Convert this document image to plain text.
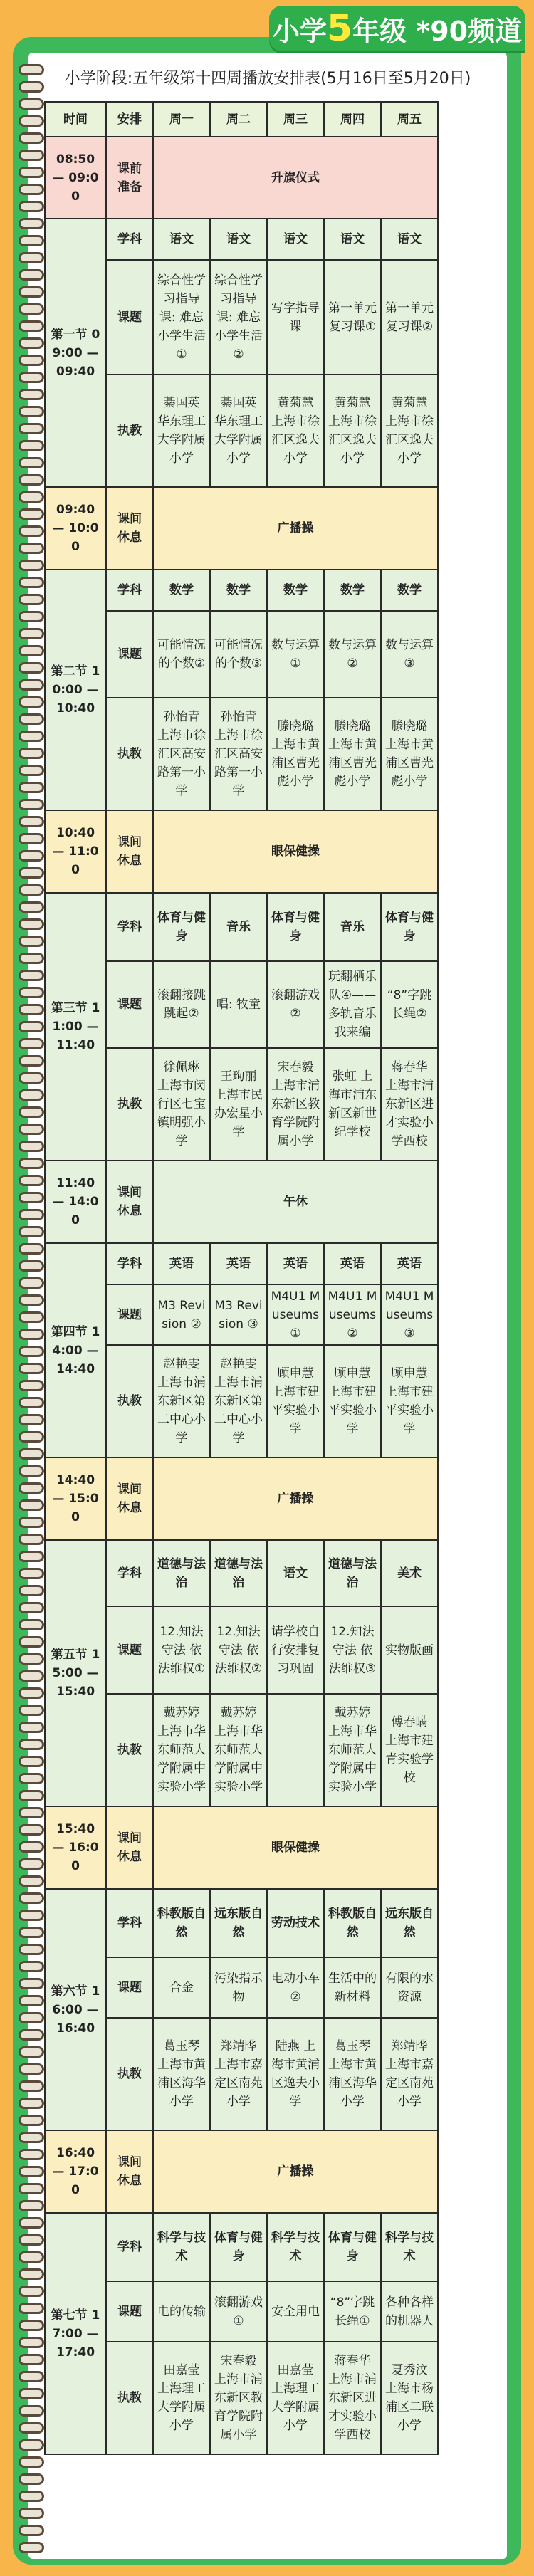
小学5年级 *90频道
小学阶段:五年级第十四周播放安排表(5月16日至5月20日)
时间	安排	周一	周二	周三	周四	周五
08:50 — 09:00	课前 准备	升旗仪式				
第一节 09:00 — 09:40	学科	语文	语文	语文	语文	语文
	课题	综合性学习指导课: 难忘小学生活①	综合性学习指导课: 难忘小学生活②	写字指导课	第一单元复习课①	第一单元复习课②
	执教	綦国英 华东理工大学附属小学	綦国英 华东理工大学附属小学	黄菊慧 上海市徐汇区逸夫小学	黄菊慧 上海市徐汇区逸夫小学	黄菊慧 上海市徐汇区逸夫小学
09:40 — 10:00	课间 休息	广播操				
第二节 10:00 — 10:40	学科	数学	数学	数学	数学	数学
	课题	可能情况的个数②	可能情况的个数③	数与运算①	数与运算②	数与运算③
	执教	孙怡青 上海市徐汇区高安路第一小学	孙怡青 上海市徐汇区高安路第一小学	滕晓璐 上海市黄浦区曹光彪小学	滕晓璐 上海市黄浦区曹光彪小学	滕晓璐 上海市黄浦区曹光彪小学
10:40 — 11:00	课间 休息	眼保健操				
第三节 11:00 — 11:40	学科	体育与健身	音乐	体育与健身	音乐	体育与健身
	课题	滚翻接跳跳起②	唱: 牧童	滚翻游戏②	玩翻栖乐队④——多轨音乐我来编	“8”字跳长绳②
	执教	徐佩琳 上海市闵行区七宝镇明强小学	王珣丽 上海市民办宏星小学	宋春毅 上海市浦东新区教育学院附属小学	张虹 上海市浦东新区新世纪学校	蒋春华 上海市浦东新区进才实验小学西校
11:40 — 14:00	课间 休息	午休				
第四节 14:00 — 14:40	学科	英语	英语	英语	英语	英语
	课题	M3 Revision ②	M3 Revision ③	M4U1 Museums①	M4U1 Museums②	M4U1 Museums③
	执教	赵艳雯 上海市浦东新区第二中心小学	赵艳雯 上海市浦东新区第二中心小学	顾申慧 上海市建平实验小学	顾申慧 上海市建平实验小学	顾申慧 上海市建平实验小学
14:40 — 15:00	课间 休息	广播操				
第五节 15:00 — 15:40	学科	道德与法治	道德与法治	语文	道德与法治	美术
	课题	12.知法守法 依法维权①	12.知法守法 依法维权②	请学校自行安排复习巩固	12.知法守法 依法维权③	实物版画
	执教	戴苏婷 上海市华东师范大学附属中实验小学	戴苏婷 上海市华东师范大学附属中实验小学		戴苏婷 上海市华东师范大学附属中实验小学	傅春瞒 上海市建青实验学校
15:40 — 16:00	课间 休息	眼保健操				
第六节 16:00 — 16:40	学科	科教版自然	远东版自然	劳动技术	科教版自然	远东版自然
	课题	合金	污染指示物	电动小车②	生活中的新材料	有限的水资源
	执教	葛玉琴 上海市黄浦区海华小学	郑靖晔 上海市嘉定区南苑小学	陆燕 上海市黄浦区逸夫小学	葛玉琴 上海市黄浦区海华小学	郑靖晔 上海市嘉定区南苑小学
16:40 — 17:00	课间 休息	广播操				
第七节 17:00 — 17:40	学科	科学与技术	体育与健身	科学与技术	体育与健身	科学与技术
	课题	电的传输	滚翻游戏①	安全用电	“8”字跳长绳①	各种各样的机器人
	执教	田嘉莹 上海理工大学附属小学	宋春毅 上海市浦东新区教育学院附属小学	田嘉莹 上海理工大学附属小学	蒋春华 上海市浦东新区进才实验小学西校	夏秀汶 上海市杨浦区二联小学
